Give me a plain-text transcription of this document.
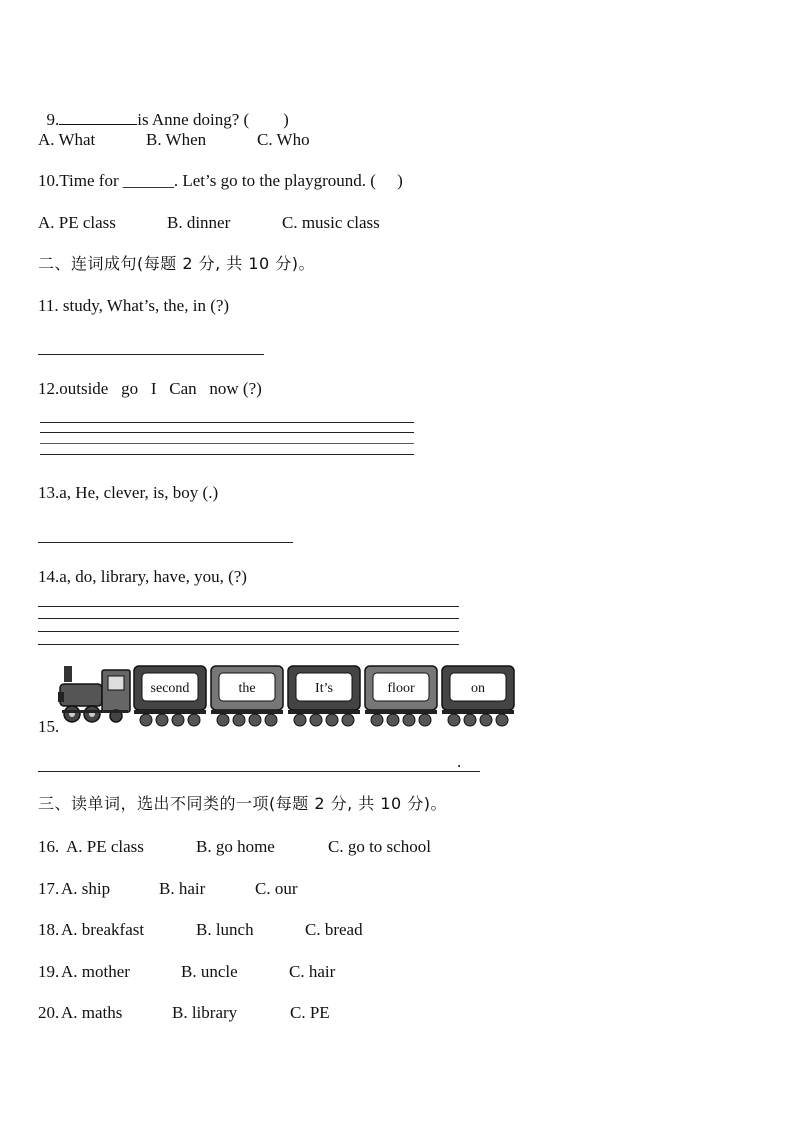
9.	is Anne doing? (        )

A. What	B. When	C. Who
10.Time for ______. Let’s go to the playground. (     )
A. PE class	B. dinner	C. music class
二、连词成句(每题 2 分, 共 10 分)。
11. study, What’s, the, in (?)
12.outside   go   I   Can   now (?)
13.a, He, clever, is, boy (.)
14.a, do, library, have, you, (?)
15.
second	the	It’s	floor	on
.
三、读单词，选出不同类的一项(每题 2 分, 共 10 分)。
16. A. PE class	B. go home	C. go to school
17. A. ship	B. hair	C. our
18. A. breakfast	B. lunch	C. bread
19. A. mother	B. uncle	C. hair
20. A. maths	B. library	C. PE
